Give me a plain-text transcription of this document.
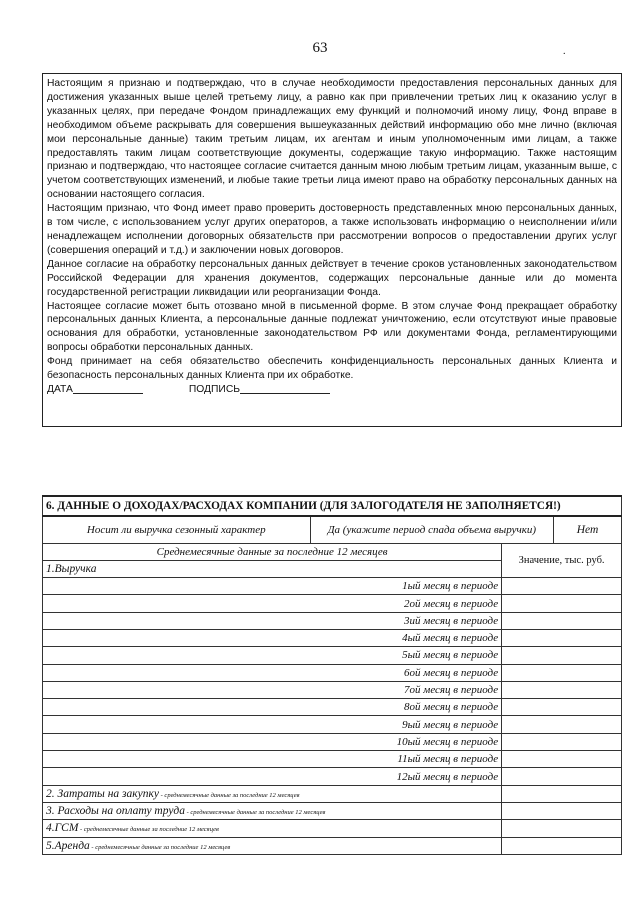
63	.

Настоящим я признаю и подтверждаю, что в случае необходимости предоставления персональных данных для достижения указанных выше целей третьему лицу, а равно как при привлечении третьих лиц к оказанию услуг в указанных целях, при передаче Фондом принадлежащих ему функций и полномочий иному лицу, Фонд вправе в необходимом объеме раскрывать для совершения вышеуказанных действий информацию обо мне лично (включая мои персональные данные) таким третьим лицам, их агентам и иным уполномоченным ими лицам, а также предоставлять таким лицам соответствующие документы, содержащие такую информацию. Также настоящим признаю и подтверждаю, что настоящее согласие считается данным мною любым третьим лицам, указанным выше, с учетом соответствующих изменений, и любые такие третьи лица имеют право на обработку персональных данных на основании настоящего согласия.

Настоящим признаю, что Фонд имеет право проверить достоверность представленных мною персональных данных, в том числе, с использованием услуг других операторов, а также использовать информацию о неисполнении и/или ненадлежащем исполнении договорных обязательств при рассмотрении вопросов о предоставлении других услуг (совершения операций и т.д.) и заключении новых договоров.

Данное согласие на обработку персональных данных действует в течение сроков установленных законодательством Российской Федерации для хранения документов, содержащих персональные данные или до момента государственной регистрации ликвидации или реорганизации Фонда.

Настоящее согласие может быть отозвано мной в письменной форме. В этом случае Фонд прекращает обработку персональных данных Клиента, а персональные данные подлежат уничтожению, если отсутствуют иные правовые основания для обработки, установленные законодательством РФ или документами Фонда, регламентирующими вопросы обработки персональных данных.

Фонд принимает на себя обязательство обеспечить конфиденциальность персональных данных Клиента и безопасность персональных данных Клиента при их обработке.

ДАТА	ПОДПИСЬ
6. ДАННЫЕ О ДОХОДАХ/РАСХОДАХ КОМПАНИИ (ДЛЯ ЗАЛОГОДАТЕЛЯ НЕ ЗАПОЛНЯЕТСЯ!)			
Носит ли выручка сезонный характер	Да (укажите период спада объема выручки)		Нет
Среднемесячные данные за последние 12 месяцев		Значение, тыс. руб.	
1.Выручка			
1ый месяц в периоде			
2ой месяц в периоде			
3ий месяц в периоде			
4ый месяц в периоде			
5ый месяц в периоде			
6ой месяц в периоде			
7ой месяц в периоде			
8ой месяц в периоде			
9ый месяц в периоде			
10ый месяц в периоде			
11ый месяц в периоде			
12ый месяц в периоде			
2. Затраты на закупку - среднемесячные данные за последние 12 месяцев			
3. Расходы на оплату труда - среднемесячные данные за последние 12 месяцев			
4.ГСМ - среднемесячные данные за последние 12 месяцев			
5.Аренда - среднемесячные данные за последние 12 месяцев			
